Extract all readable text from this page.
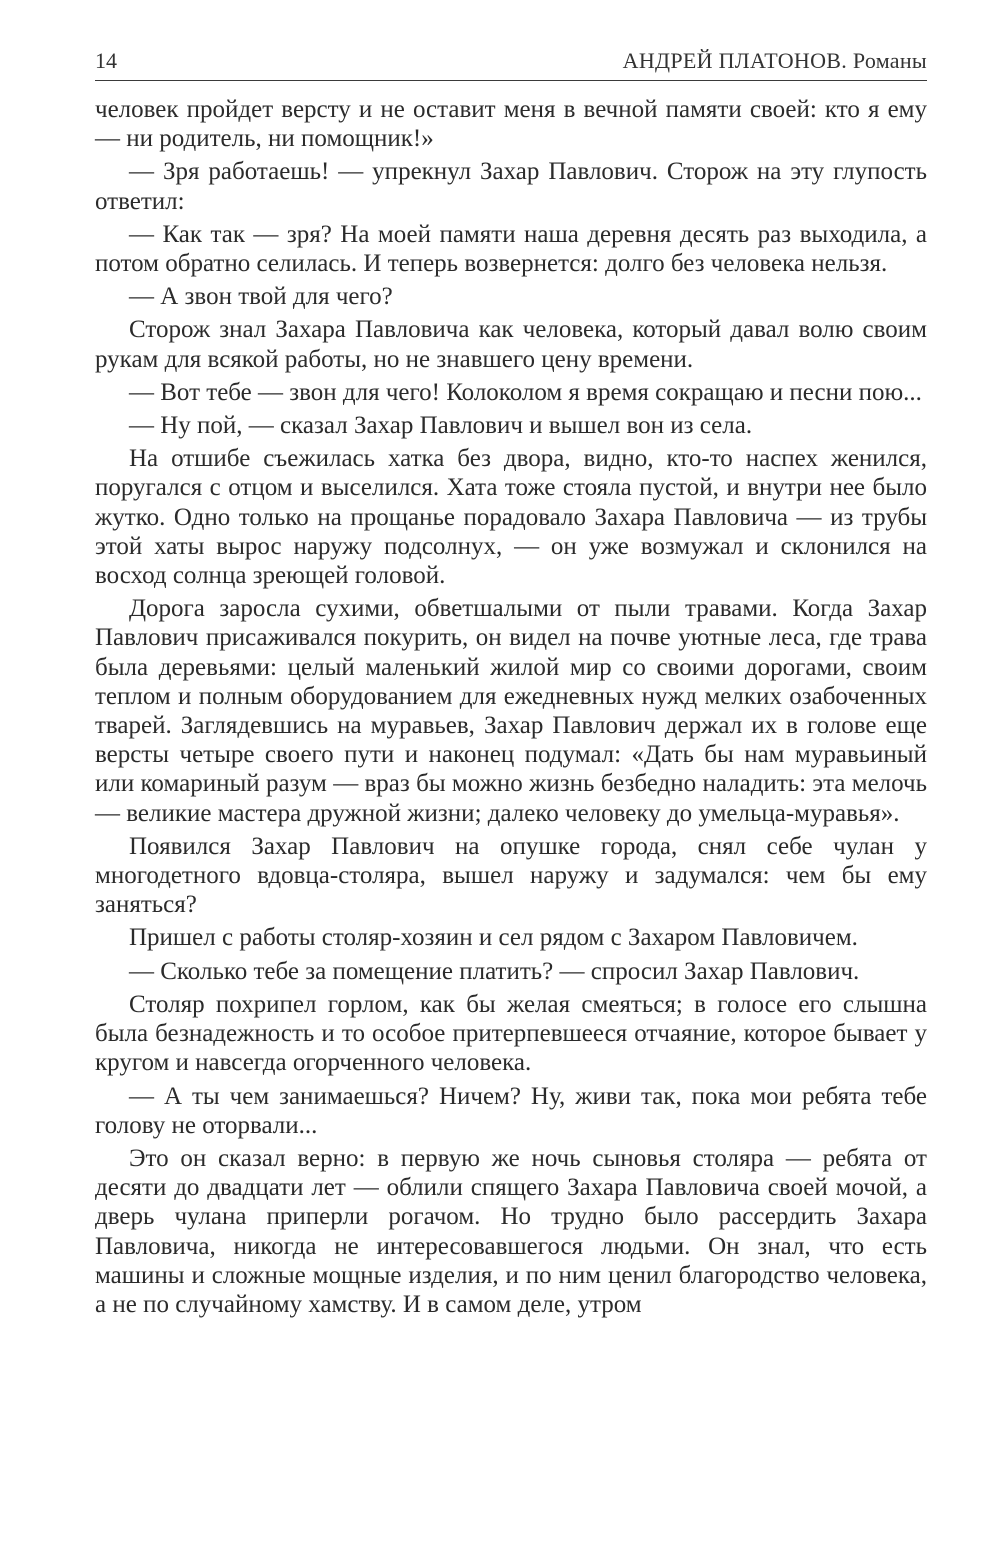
14	АНДРЕЙ ПЛАТОНОВ. Романы

человек пройдет версту и не оставит меня в вечной памяти своей: кто я ему — ни родитель, ни помощник!»

— Зря работаешь! — упрекнул Захар Павлович. Сторож на эту глупость ответил:

— Как так — зря? На моей памяти наша деревня десять раз выходила, а потом обратно селилась. И теперь возвернется: долго без человека нельзя.

— А звон твой для чего?

Сторож знал Захара Павловича как человека, который давал волю своим рукам для всякой работы, но не знавшего цену времени.

— Вот тебе — звон для чего! Колоколом я время сокращаю и песни пою...

— Ну пой, — сказал Захар Павлович и вышел вон из села.

На отшибе съежилась хатка без двора, видно, кто-то наспех женился, поругался с отцом и выселился. Хата тоже стояла пустой, и внутри нее было жутко. Одно только на прощанье порадовало Захара Павловича — из трубы этой хаты вырос наружу подсолнух, — он уже возмужал и склонился на восход солнца зреющей головой.

Дорога заросла сухими, обветшалыми от пыли травами. Когда Захар Павлович присаживался покурить, он видел на почве уютные леса, где трава была деревьями: целый маленький жилой мир со своими дорогами, своим теплом и полным оборудованием для ежедневных нужд мелких озабоченных тварей. Заглядевшись на муравьев, Захар Павлович держал их в голове еще версты четыре своего пути и наконец подумал: «Дать бы нам муравьиный или комариный разум — враз бы можно жизнь безбедно наладить: эта мелочь — великие мастера дружной жизни; далеко человеку до умельца-муравья».

Появился Захар Павлович на опушке города, снял себе чулан у многодетного вдовца-столяра, вышел наружу и задумался: чем бы ему заняться?

Пришел с работы столяр-хозяин и сел рядом с Захаром Павловичем.

— Сколько тебе за помещение платить? — спросил Захар Павлович.

Столяр похрипел горлом, как бы желая смеяться; в голосе его слышна была безнадежность и то особое притерпевшееся отчаяние, которое бывает у кругом и навсегда огорченного человека.

— А ты чем занимаешься? Ничем? Ну, живи так, пока мои ребята тебе голову не оторвали...

Это он сказал верно: в первую же ночь сыновья столяра — ребята от десяти до двадцати лет — облили спящего Захара Павловича своей мочой, а дверь чулана приперли рогачом. Но трудно было рассердить Захара Павловича, никогда не интересовавшегося людьми. Он знал, что есть машины и сложные мощные изделия, и по ним ценил благородство человека, а не по случайному хамству. И в самом деле, утром
